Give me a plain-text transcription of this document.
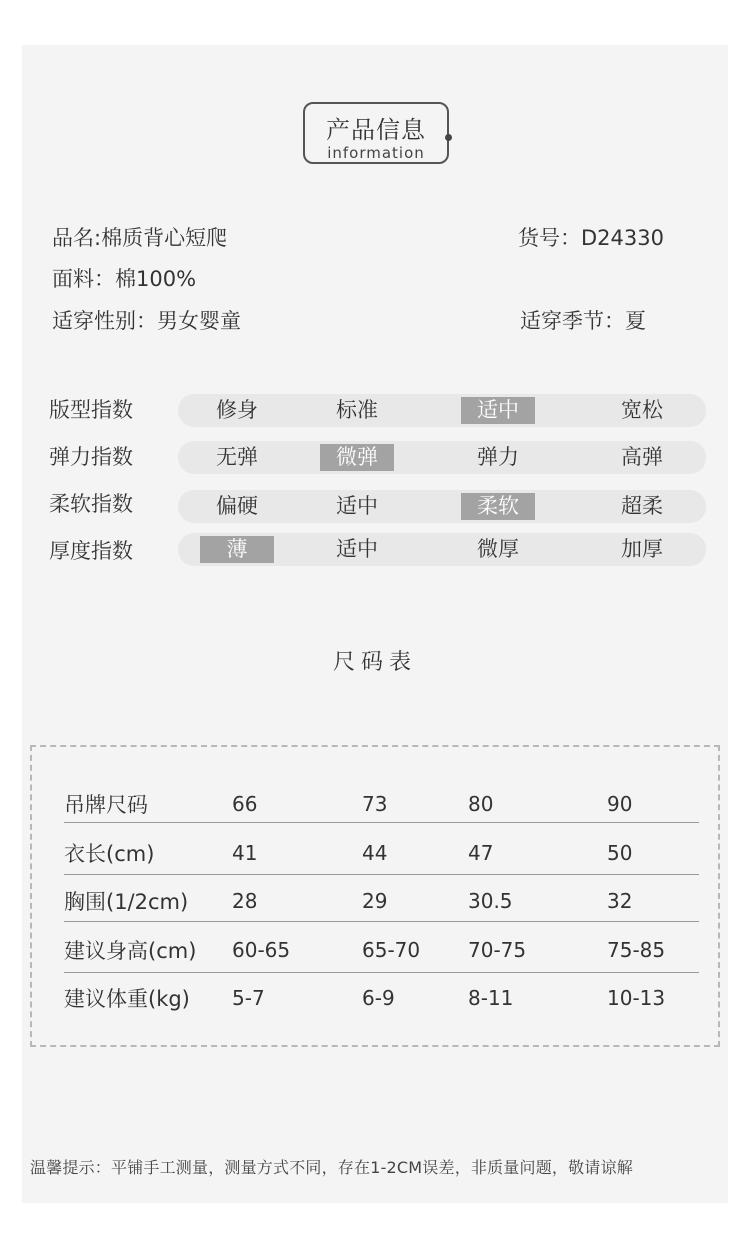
产品信息
information
品名:棉质背心短爬	货号：D24330
面料：棉100%
适穿性别：男女婴童	适穿季节：夏
版型指数	修身	标准	适中	宽松
弹力指数	无弹	微弹	弹力	高弹
柔软指数	偏硬	适中	柔软	超柔
厚度指数	薄	适中	微厚	加厚
尺码表
吊牌尺码	66	73	80	90
衣长(cm)	41	44	47	50
胸围(1/2cm) 28	29	30.5	32
建议身高(cm) 60-65	65-70 70-75	75-85
建议体重(kg) 5-7	6-9	8-11	10-13
温馨提示：平铺手工测量，测量方式不同，存在1-2CM误差，非质量问题，敬请谅解
